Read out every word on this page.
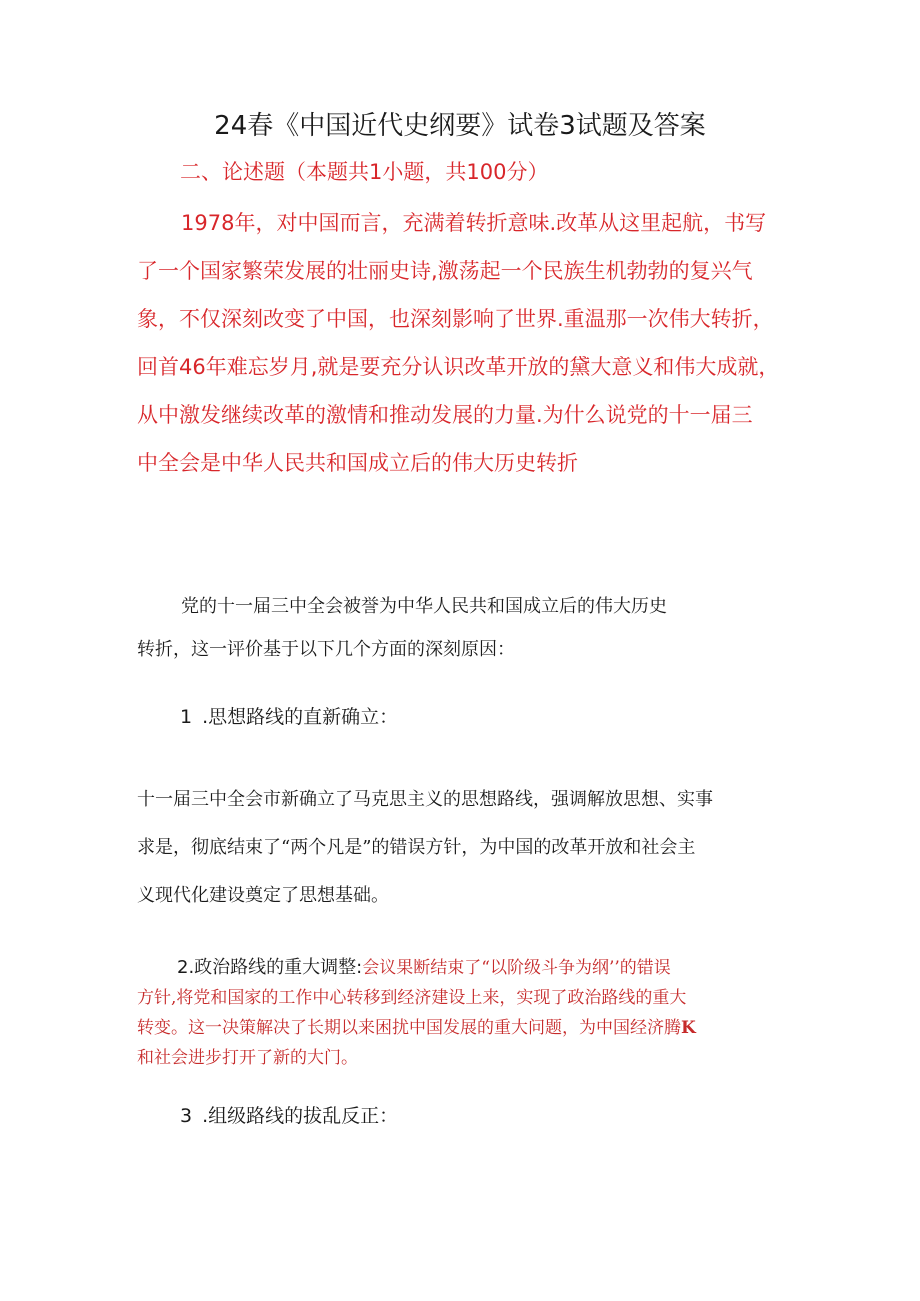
24春《中国近代史纲要》试卷3试题及答案
二、论述题（本题共1小题，共100分）
1978年，对中国而言，充满着转折意味.改革从这里起航，书写
了一个国家繁荣发展的壮丽史诗,激荡起一个民族生机勃勃的复兴气
象，不仅深刻改变了中国，也深刻影响了世界.重温那一次伟大转折，
回首46年难忘岁月,就是要充分认识改革开放的黛大意义和伟大成就，
从中激发继续改革的激情和推动发展的力量.为什么说党的十一届三
中全会是中华人民共和国成立后的伟大历史转折
党的十一届三中全会被誉为中华人民共和国成立后的伟大历史
转折，这一评价基于以下几个方面的深刻原因：
1 .思想路线的直新确立：
十一届三中全会市新确立了马克思主义的思想路线，强调解放思想、实事
求是，彻底结束了“两个凡是”的错误方针，为中国的改革开放和社会主
义现代化建设奠定了思想基础。
2.政治路线的重大调整:会议果断结束了“以阶级斗争为纲’’的错误
方针,将党和国家的工作中心转移到经济建设上来，实现了政治路线的重大
转变。这一决策解决了长期以来困扰中国发展的重大问题，为中国经济腾K
和社会进步打开了新的大门。
3 .组级路线的拔乱反正：
